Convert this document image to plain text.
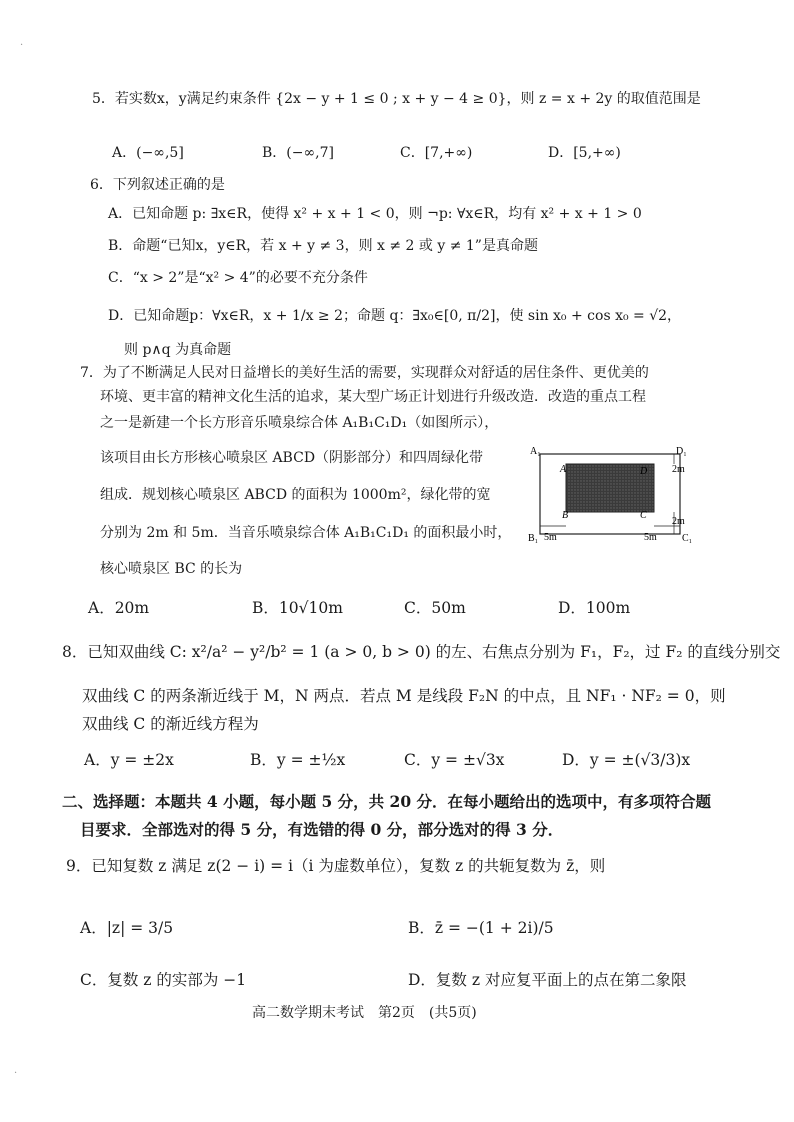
·
·
5．若实数x，y满足约束条件 {2x − y + 1 ≤ 0 ; x + y − 4 ≥ 0}，则 z = x + 2y 的取值范围是
A．(−∞,5]	B．(−∞,7]	C．[7,+∞)	D．[5,+∞)
6．下列叙述正确的是
A．已知命题 p: ∃x∈R，使得 x² + x + 1 < 0，则 ¬p: ∀x∈R，均有 x² + x + 1 > 0
B．命题“已知x，y∈R，若 x + y ≠ 3，则 x ≠ 2 或 y ≠ 1”是真命题
C．“x > 2”是“x² > 4”的必要不充分条件
D．已知命题p：∀x∈R，x + 1/x ≥ 2；命题 q：∃x₀∈[0, π/2]，使 sin x₀ + cos x₀ = √2，
则 p∧q 为真命题
7．为了不断满足人民对日益增长的美好生活的需要，实现群众对舒适的居住条件、更优美的
环境、更丰富的精神文化生活的追求，某大型广场正计划进行升级改造．改造的重点工程
之一是新建一个长方形音乐喷泉综合体 A₁B₁C₁D₁（如图所示），
该项目由长方形核心喷泉区 ABCD（阴影部分）和四周绿化带
组成．规划核心喷泉区 ABCD 的面积为 1000m²，绿化带的宽
分别为 2m 和 5m．当音乐喷泉综合体 A₁B₁C₁D₁ 的面积最小时，
核心喷泉区 BC 的长为
A₁	D₁
A	D
B	C
B₁	C₁
5m	5m
2m
2m
A．20m	B．10√10m	C．50m	D．100m
8．已知双曲线 C: x²/a² − y²/b² = 1 (a > 0, b > 0) 的左、右焦点分别为 F₁，F₂，过 F₂ 的直线分别交
双曲线 C 的两条渐近线于 M，N 两点．若点 M 是线段 F₂N 的中点，且 NF₁ · NF₂ = 0，则
双曲线 C 的渐近线方程为
A．y = ±2x	B．y = ±½x	C．y = ±√3x	D．y = ±(√3/3)x
二、选择题：本题共 4 小题，每小题 5 分，共 20 分．在每小题给出的选项中，有多项符合题
目要求．全部选对的得 5 分，有选错的得 0 分，部分选对的得 3 分．
9．已知复数 z 满足 z(2 − i) = i（i 为虚数单位），复数 z 的共轭复数为 z̄，则
A．|z| = 3/5	B．z̄ = −(1 + 2i)/5
C．复数 z 的实部为 −1	D．复数 z 对应复平面上的点在第二象限
高二数学期末考试　第2页　(共5页)
